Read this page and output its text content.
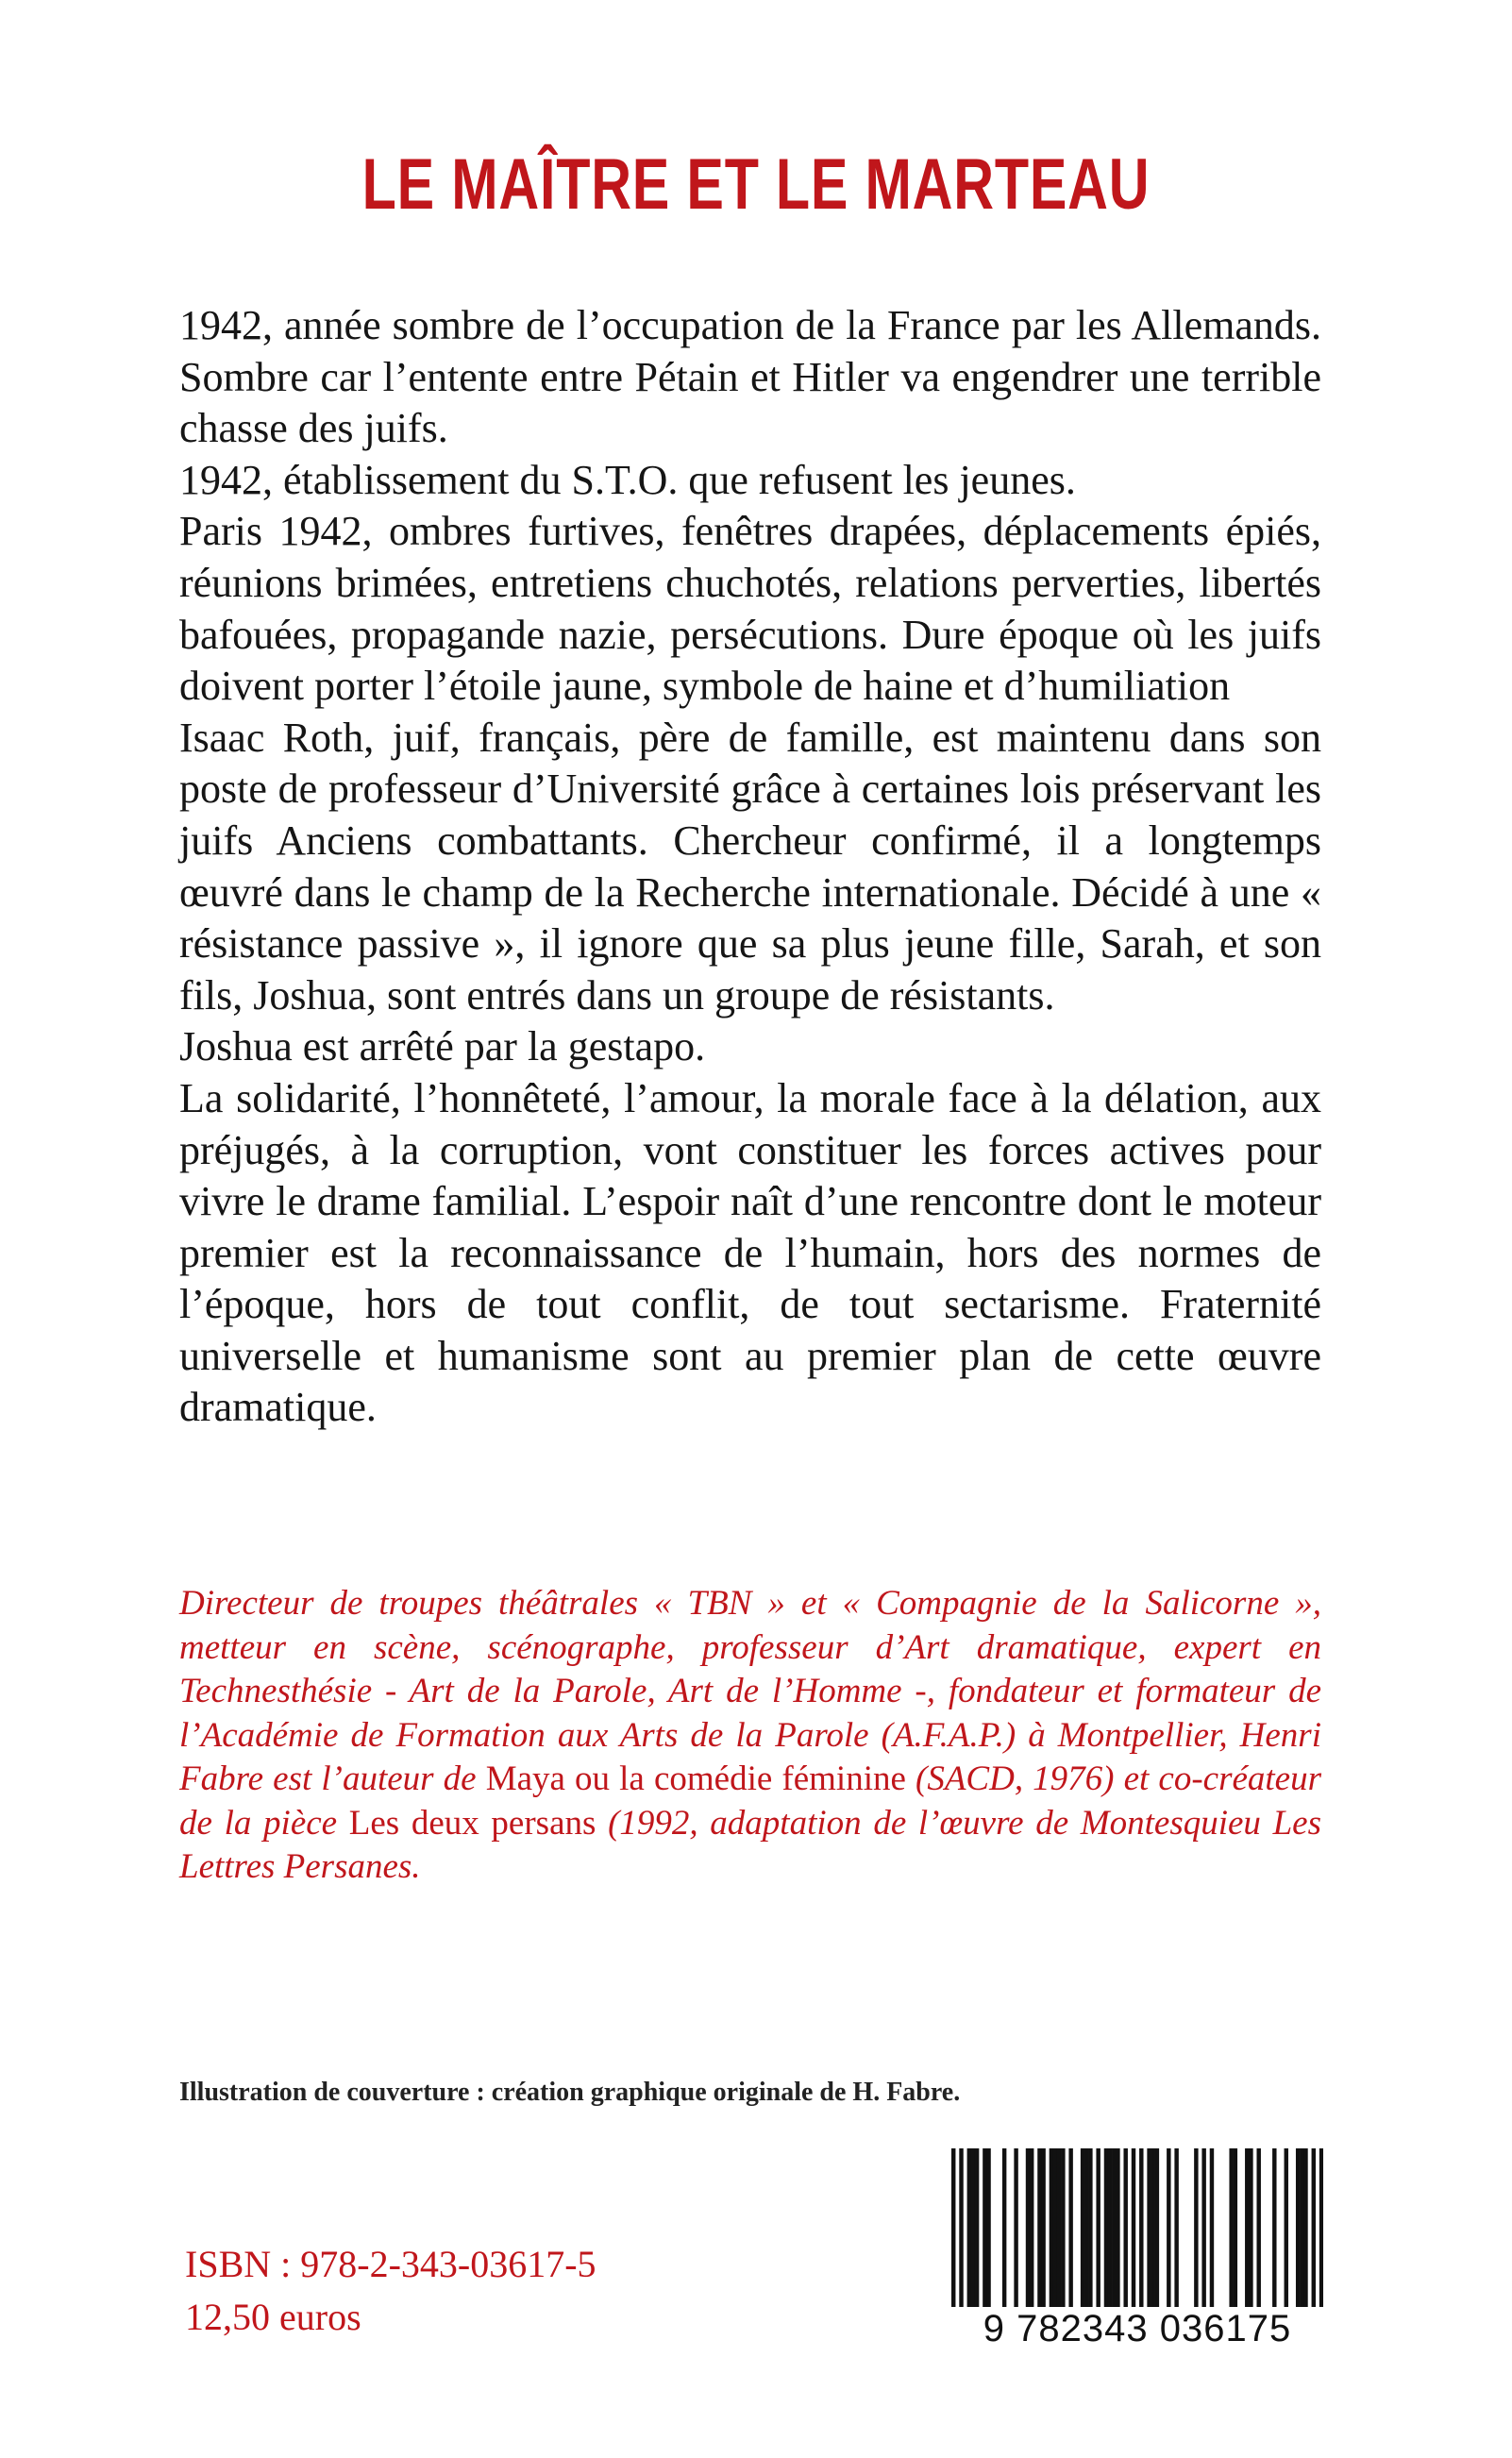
LE MAÎTRE ET LE MARTEAU

1942, année sombre de l’occupation de la France par les Allemands. Sombre car l’entente entre Pétain et Hitler va engendrer une terrible chasse des juifs.

1942, établissement du S.T.O. que refusent les jeunes.

Paris 1942, ombres furtives, fenêtres drapées, déplacements épiés, réunions brimées, entretiens chuchotés, relations perverties, libertés bafouées, propagande nazie, persécutions. Dure époque où les juifs doivent porter l’étoile jaune, symbole de haine et d’humiliation

Isaac Roth, juif, français, père de famille, est maintenu dans son poste de professeur d’Université grâce à certaines lois préservant les juifs Anciens combattants. Chercheur confirmé, il a longtemps œuvré dans le champ de la Recherche internationale. Décidé à une « résistance passive », il ignore que sa plus jeune fille, Sarah, et son fils, Joshua, sont entrés dans un groupe de résistants.

Joshua est arrêté par la gestapo.

La solidarité, l’honnêteté, l’amour, la morale face à la délation, aux préjugés, à la corruption, vont constituer les forces actives pour vivre le drame familial. L’espoir naît d’une rencontre dont le moteur premier est la reconnaissance de l’humain, hors des normes de l’époque, hors de tout conflit, de tout sectarisme. Fraternité universelle et humanisme sont au premier plan de cette œuvre dramatique.

Directeur de troupes théâtrales « TBN » et « Compagnie de la Salicorne », metteur en scène, scénographe, professeur d’Art dramatique, expert en Technesthésie - Art de la Parole, Art de l’Homme -, fondateur et formateur de l’Académie de Formation aux Arts de la Parole (A.F.A.P.) à Montpellier, Henri Fabre est l’auteur de Maya ou la comédie féminine (SACD, 1976) et co-créateur de la pièce Les deux persans (1992, adaptation de l’œuvre de Montesquieu Les Lettres Persanes.

Illustration de couverture : création graphique originale de H. Fabre.

ISBN : 978-2-343-03617-5

12,50 euros	9 782343 036175
